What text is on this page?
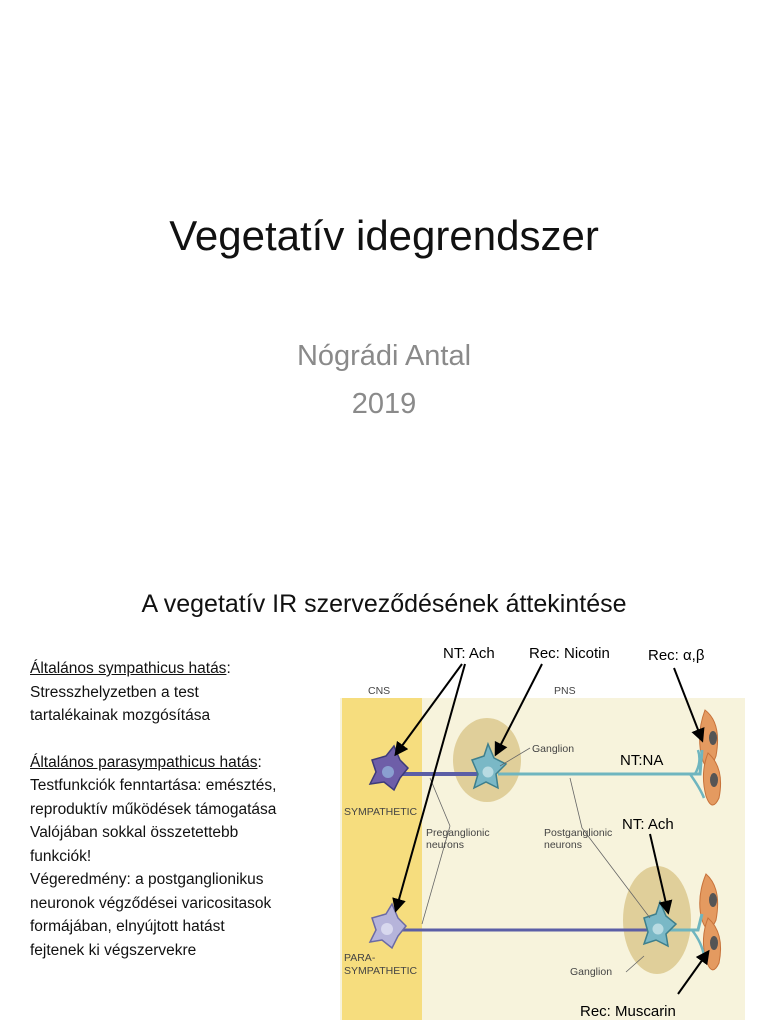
Vegetatív idegrendszer
Nógrádi Antal
2019
A vegetatív IR szerveződésének áttekintése
Általános sympathicus hatás:
Stresszhelyzetben a test
tartalékainak mozgósítása
Általános parasympathicus hatás:
Testfunkciók fenntartása: emésztés,
reproduktív működések támogatása
Valójában sokkal összetettebb
funkciók!
Végeredmény: a postganglionikus
neuronok végződései varicositasok
formájában, elnyújtott hatást
fejtenek ki végszervekre
NT: Ach Rec: Nicotin	Rec: α,β
NT:NA
NT: Ach
Rec: Muscarin
CNS	PNS
Ganglion
Ganglion
SYMPATHETIC
PARA-
SYMPATHETIC
Preganglionic
neurons
Postganglionic
neurons
